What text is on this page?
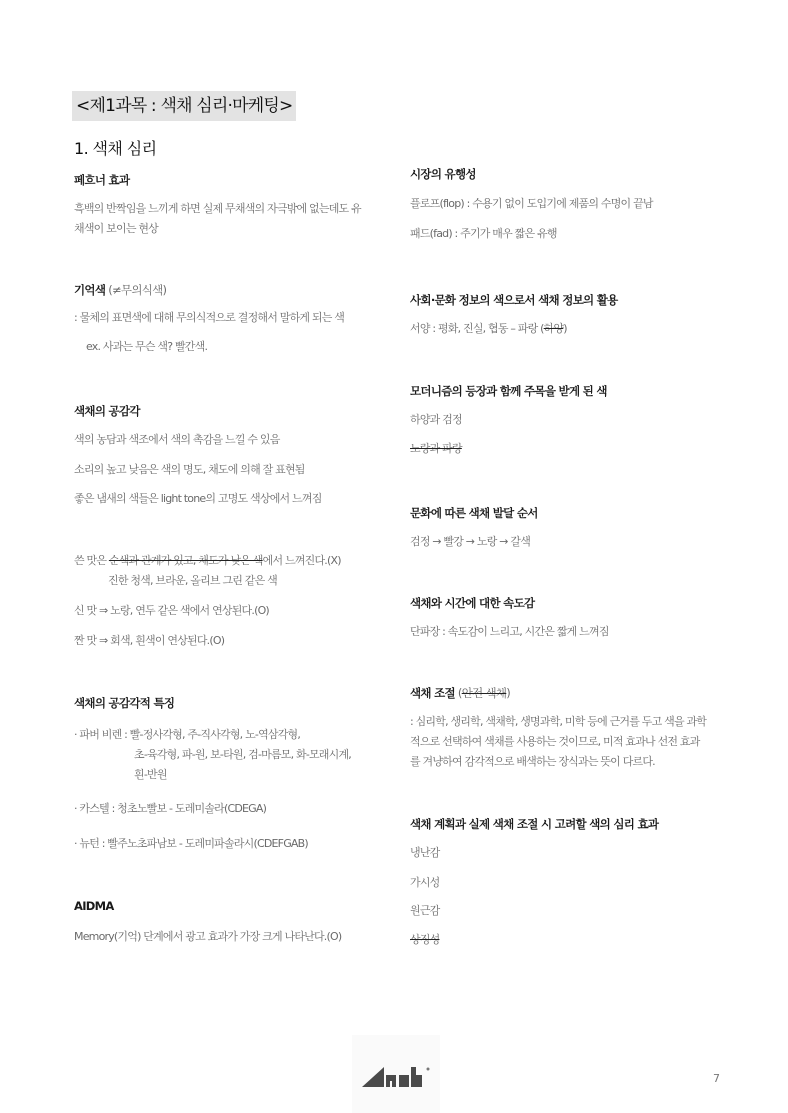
<제1과목 : 색채 심리·마케팅>
1. 색채 심리
페흐너 효과
흑백의 반짝임을 느끼게 하면 실제 무채색의 자극밖에 없는데도 유
채색이 보이는 현상
기억색 (≠무의식색)
: 물체의 표면색에 대해 무의식적으로 결정해서 말하게 되는 색
ex. 사과는 무슨 색? 빨간색.
색채의 공감각
색의 농담과 색조에서 색의 촉감을 느낄 수 있음
소리의 높고 낮음은 색의 명도, 채도에 의해 잘 표현됨
좋은 냄새의 색들은 light tone의 고명도 색상에서 느껴짐
쓴 맛은 순색과 관계가 있고, 채도가 낮은 색에서 느껴진다.(X)
진한 청색, 브라운, 올리브 그린 같은 색
신 맛 ⇒ 노랑, 연두 같은 색에서 연상된다.(O)
짠 맛 ⇒ 회색, 흰색이 연상된다.(O)
색채의 공감각적 특징
· 파버 비렌 : 빨-정사각형, 주-직사각형, 노-역삼각형,
초-육각형, 파-원, 보-타원, 검-마름모, 화-모래시계,
흰-반원
· 카스텔 : 청초노빨보 - 도레미솔라(CDEGA)
· 뉴턴 : 빨주노초파남보 - 도레미파솔라시(CDEFGAB)
AIDMA
Memory(기억) 단계에서 광고 효과가 가장 크게 나타난다.(O)
시장의 유행성
플로프(flop) : 수용기 없이 도입기에 제품의 수명이 끝남
패드(fad) : 주기가 매우 짧은 유행
사회·문화 정보의 색으로서 색채 정보의 활용
서양 : 평화, 진실, 협동 – 파랑 (하양)
모더니즘의 등장과 함께 주목을 받게 된 색
하양과 검정
노랑과 파랑
문화에 따른 색채 발달 순서
검정 → 빨강 → 노랑 → 갈색
색채와 시간에 대한 속도감
단파장 : 속도감이 느리고, 시간은 짧게 느껴짐
색채 조절 (안전 색채)
: 심리학, 생리학, 색채학, 생명과학, 미학 등에 근거를 두고 색을 과학
적으로 선택하여 색채를 사용하는 것이므로, 미적 효과나 선전 효과
를 겨냥하여 감각적으로 배색하는 장식과는 뜻이 다르다.
색채 계획과 실제 색채 조절 시 고려할 색의 심리 효과
냉난감
가시성
원근감
상징성
7
